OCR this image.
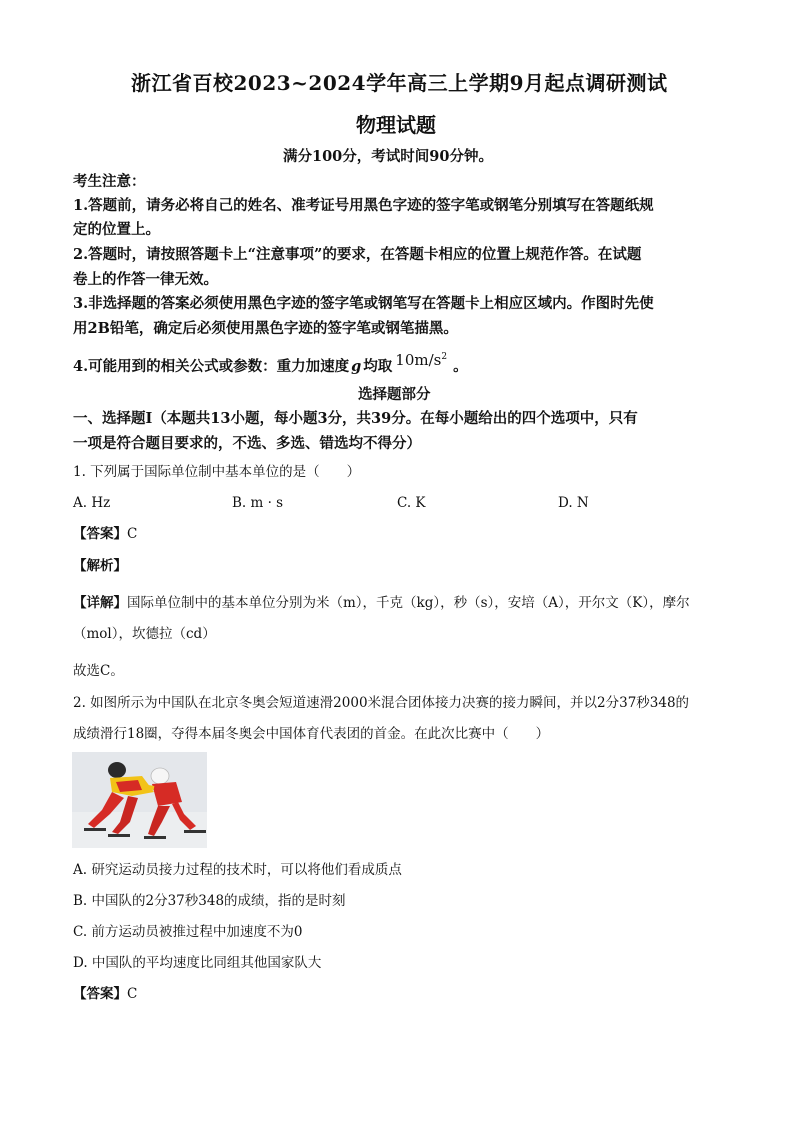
浙江省百校2023~2024学年高三上学期9月起点调研测试
物理试题
满分100分，考试时间90分钟。
考生注意：
1.答题前，请务必将自己的姓名、准考证号用黑色字迹的签字笔或钢笔分别填写在答题纸规
定的位置上。
2.答题时，请按照答题卡上“注意事项”的要求，在答题卡相应的位置上规范作答。在试题
卷上的作答一律无效。
3.非选择题的答案必须使用黑色字迹的签字笔或钢笔写在答题卡上相应区域内。作图时先使
用2B铅笔，确定后必须使用黑色字迹的签字笔或钢笔描黑。
4.可能用到的相关公式或参数：重力加速度 g 均取 $10m/s^2$。
选择题部分
一、选择题Ⅰ（本题共13小题，每小题3分，共39分。在每小题给出的四个选项中，只有
一项是符合题目要求的，不选、多选、错选均不得分）
1. 下列属于国际单位制中基本单位的是（　　）
A. Hz	B. m · s	C. K	D. N
【答案】C
【解析】
【详解】国际单位制中的基本单位分别为米（m），千克（kg），秒（s），安培（A），开尔文（K），摩尔
（mol），坎德拉（cd）
故选C。
2. 如图所示为中国队在北京冬奥会短道速滑2000米混合团体接力决赛的接力瞬间，并以2分37秒348的
成绩滑行18圈，夺得本届冬奥会中国体育代表团的首金。在此次比赛中（　　）
A. 研究运动员接力过程的技术时，可以将他们看成质点
B. 中国队的2分37秒348的成绩，指的是时刻
C. 前方运动员被推过程中加速度不为0
D. 中国队的平均速度比同组其他国家队大
【答案】C
